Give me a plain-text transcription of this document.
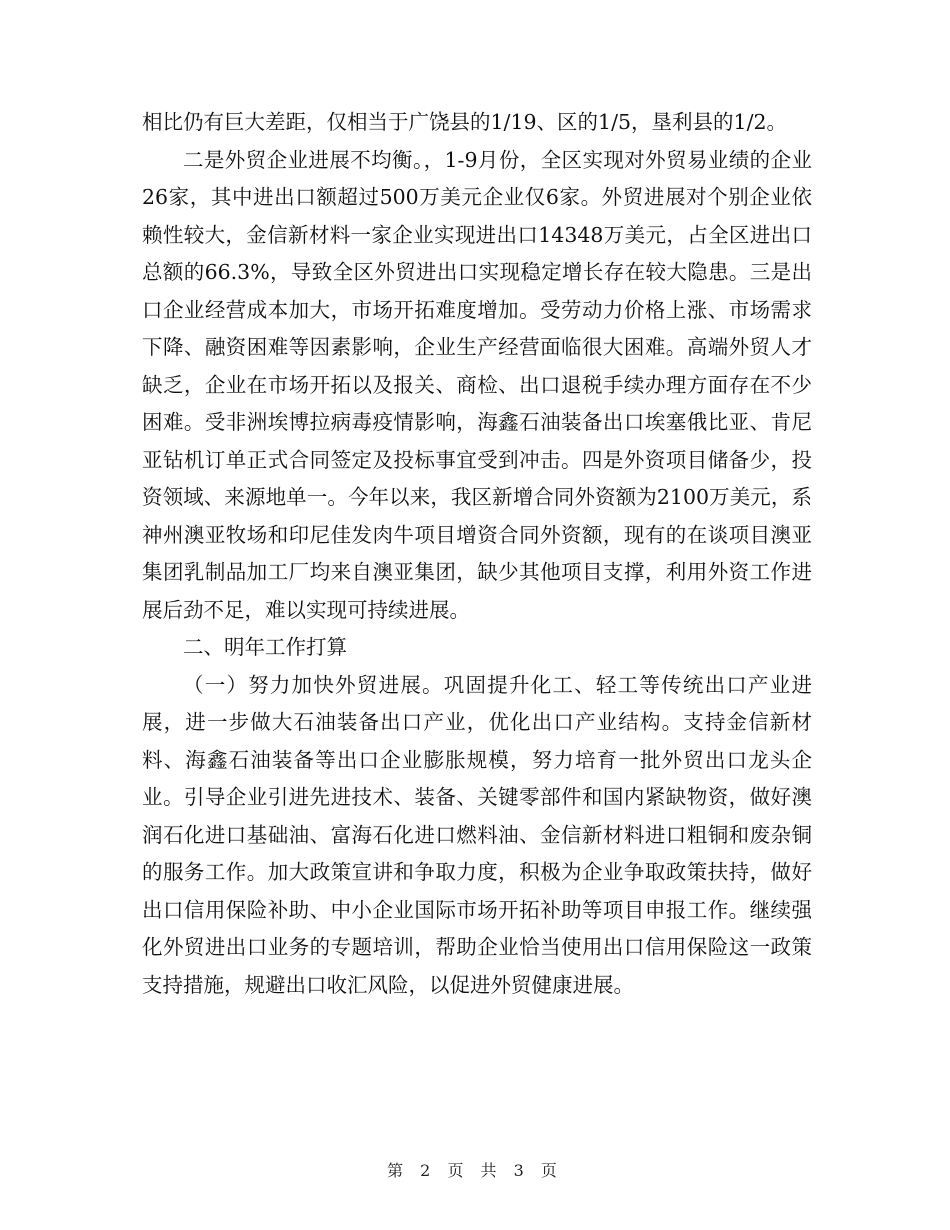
相比仍有巨大差距，仅相当于广饶县的1/19、区的1/5，垦利县的1/2。

二是外贸企业进展不均衡。，1-9月份，全区实现对外贸易业绩的企业26家，其中进出口额超过500万美元企业仅6家。外贸进展对个别企业依赖性较大，金信新材料一家企业实现进出口14348万美元，占全区进出口总额的66.3%，导致全区外贸进出口实现稳定增长存在较大隐患。三是出口企业经营成本加大，市场开拓难度增加。受劳动力价格上涨、市场需求下降、融资困难等因素影响，企业生产经营面临很大困难。高端外贸人才缺乏，企业在市场开拓以及报关、商检、出口退税手续办理方面存在不少困难。受非洲埃博拉病毒疫情影响，海鑫石油装备出口埃塞俄比亚、肯尼亚钻机订单正式合同签定及投标事宜受到冲击。四是外资项目储备少，投资领域、来源地单一。今年以来，我区新增合同外资额为2100万美元，系神州澳亚牧场和印尼佳发肉牛项目增资合同外资额，现有的在谈项目澳亚集团乳制品加工厂均来自澳亚集团，缺少其他项目支撑，利用外资工作进展后劲不足，难以实现可持续进展。

二、明年工作打算

（一）努力加快外贸进展。巩固提升化工、轻工等传统出口产业进展，进一步做大石油装备出口产业，优化出口产业结构。支持金信新材料、海鑫石油装备等出口企业膨胀规模，努力培育一批外贸出口龙头企业。引导企业引进先进技术、装备、关键零部件和国内紧缺物资，做好澳润石化进口基础油、富海石化进口燃料油、金信新材料进口粗铜和废杂铜的服务工作。加大政策宣讲和争取力度，积极为企业争取政策扶持，做好出口信用保险补助、中小企业国际市场开拓补助等项目申报工作。继续强化外贸进出口业务的专题培训，帮助企业恰当使用出口信用保险这一政策支持措施，规避出口收汇风险，以促进外贸健康进展。

第 2 页 共 3 页
